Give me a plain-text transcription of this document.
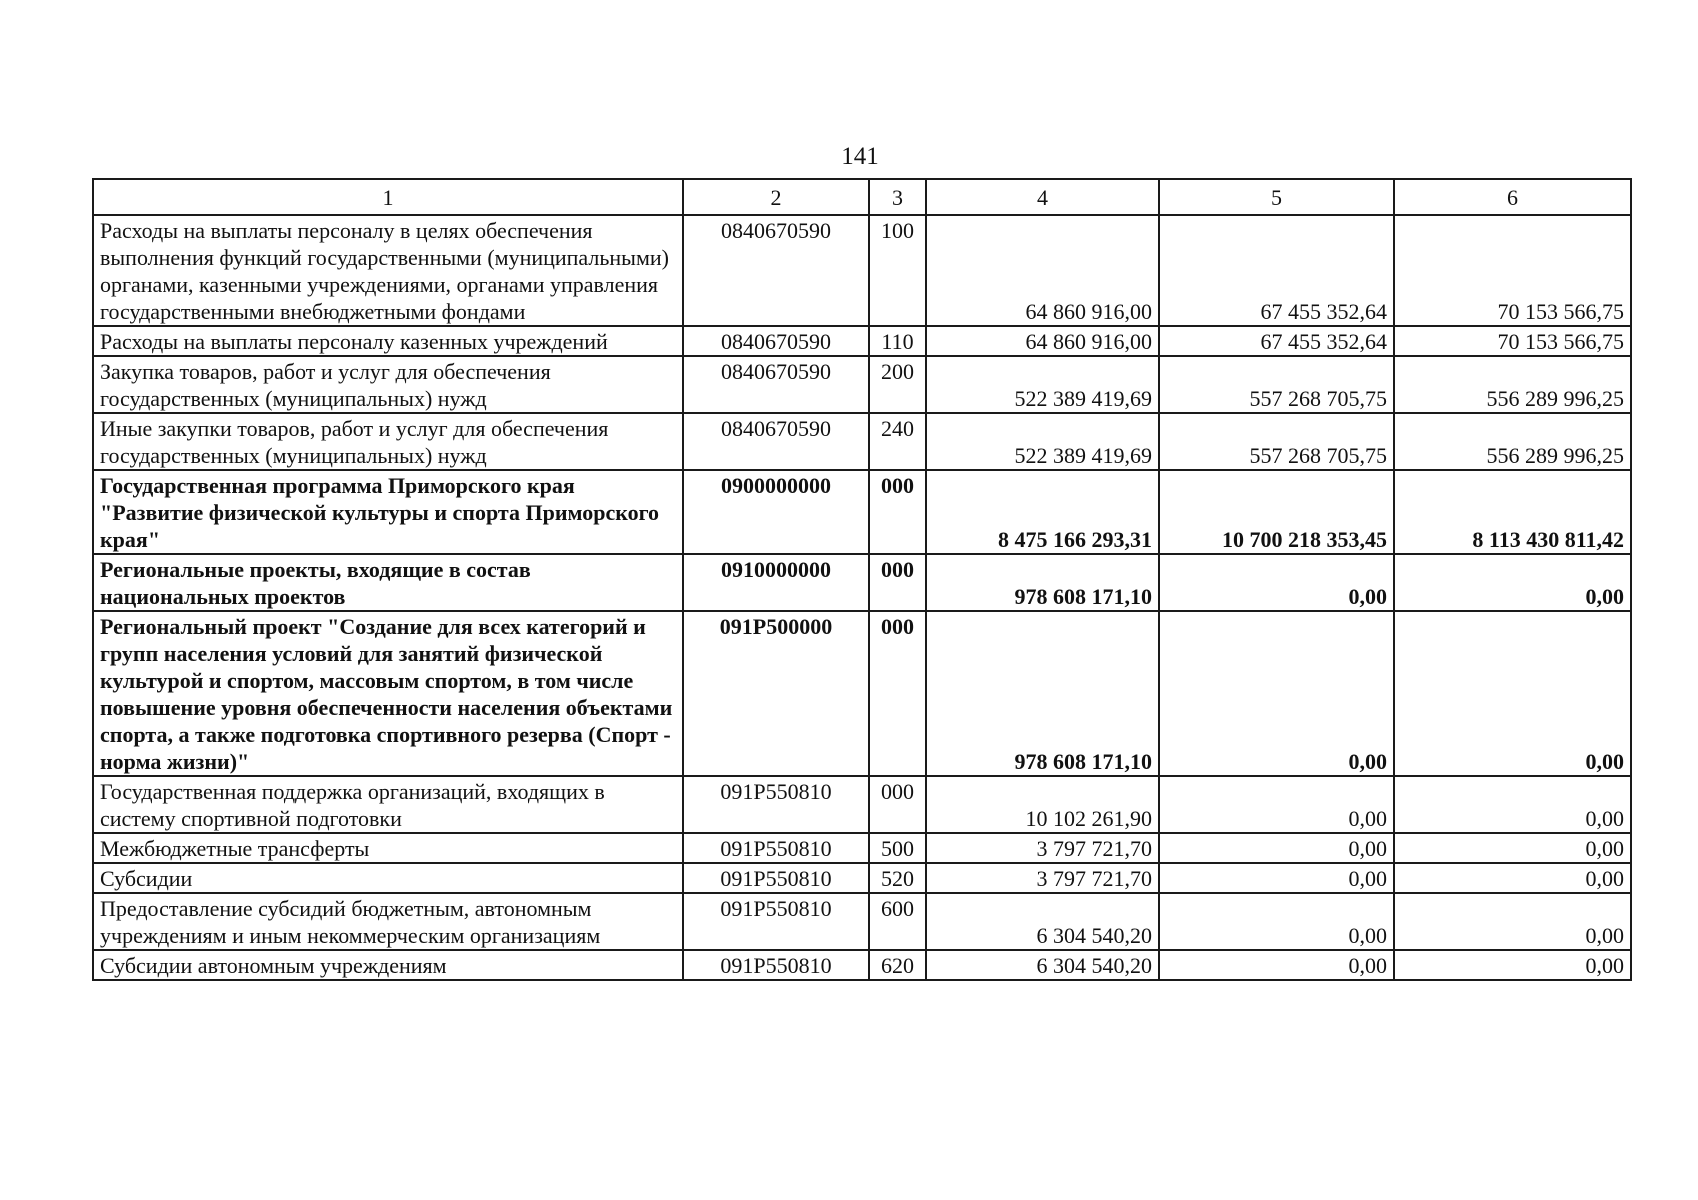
141
1	2	3	4	5	6
Расходы на выплаты персоналу в целях обеспечения выполнения функций государственными (муниципальными) органами, казенными учреждениями, органами управления государственными внебюджетными фондами	0840670590	100	64 860 916,00	67 455 352,64	70 153 566,75
Расходы на выплаты персоналу казенных учреждений	0840670590	110	64 860 916,00	67 455 352,64	70 153 566,75
Закупка товаров, работ и услуг для обеспечения государственных (муниципальных) нужд	0840670590	200	522 389 419,69	557 268 705,75	556 289 996,25
Иные закупки товаров, работ и услуг для обеспечения государственных (муниципальных) нужд	0840670590	240	522 389 419,69	557 268 705,75	556 289 996,25
Государственная программа Приморского края "Развитие физической культуры и спорта Приморского края"	0900000000	000	8 475 166 293,31	10 700 218 353,45	8 113 430 811,42
Региональные проекты, входящие в состав национальных проектов	0910000000	000	978 608 171,10	0,00	0,00
Региональный проект "Создание для всех категорий и групп населения условий для занятий физической культурой и спортом, массовым спортом, в том числе повышение уровня обеспеченности населения объектами спорта, а также подготовка спортивного резерва (Спорт - норма жизни)"	091P500000	000	978 608 171,10	0,00	0,00
Государственная поддержка организаций, входящих в систему спортивной подготовки	091P550810	000	10 102 261,90	0,00	0,00
Межбюджетные трансферты	091P550810	500	3 797 721,70	0,00	0,00
Субсидии	091P550810	520	3 797 721,70	0,00	0,00
Предоставление субсидий бюджетным, автономным учреждениям и иным некоммерческим организациям	091P550810	600	6 304 540,20	0,00	0,00
Субсидии автономным учреждениям	091P550810	620	6 304 540,20	0,00	0,00
